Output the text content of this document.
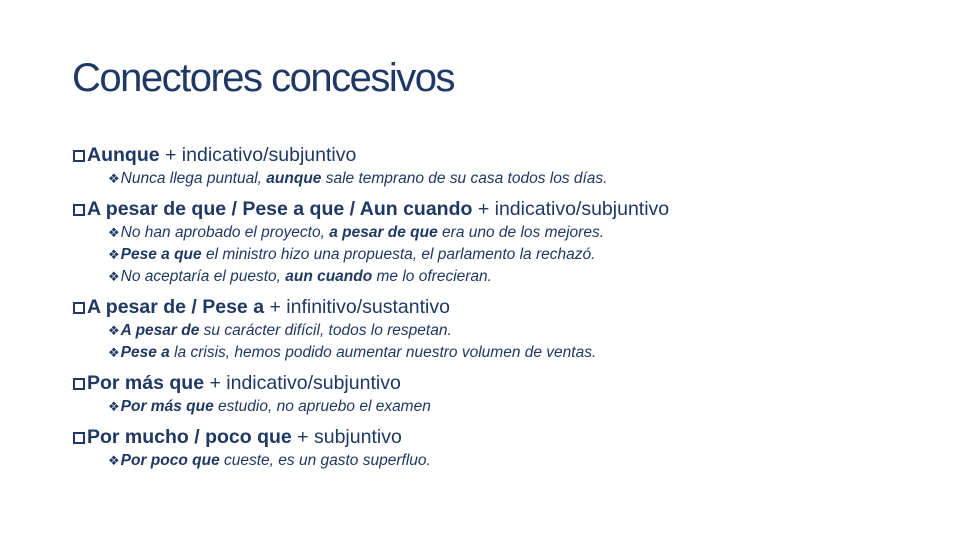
Conectores concesivos
Aunque + indicativo/subjuntivo
❖ Nunca llega puntual, aunque sale temprano de su casa todos los días.
A pesar de que / Pese a que / Aun cuando + indicativo/subjuntivo
❖ No han aprobado el proyecto, a pesar de que era uno de los mejores.
❖ Pese a que el ministro hizo una propuesta, el parlamento la rechazó.
❖ No aceptaría el puesto, aun cuando me lo ofrecieran.
A pesar de / Pese a + infinitivo/sustantivo
❖ A pesar de su carácter difícil, todos lo respetan.
❖ Pese a la crisis, hemos podido aumentar nuestro volumen de ventas.
Por más que + indicativo/subjuntivo
❖ Por más que estudio, no apruebo el examen
Por mucho / poco que + subjuntivo
❖ Por poco que cueste, es un gasto superfluo.
